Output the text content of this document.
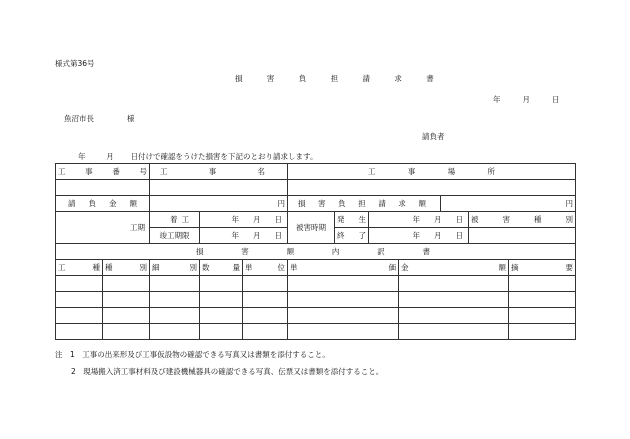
様式第36号
損 害 負 担 請 求 書
年	月	日
魚沼市長	様
請負者
年	月 日付けで確認をうけた損害を下記のとおり請求します。
工事番号		工事名			工事場所						

請負金額		円			損害負担請求額				円		
工期		着工	年 月 日		被害時期	発生	年 月 日			被害種別	
		竣工期限	年 月 日			終了	年 月 日				

損害額内訳書											
工種	種別	細別	数量	単位	単価			金額			摘要

注　1　工事の出来形及び工事仮設物の確認できる写真又は書類を添付すること。
2　現場搬入済工事材料及び建設機械器具の確認できる写真、伝票又は書類を添付すること。
